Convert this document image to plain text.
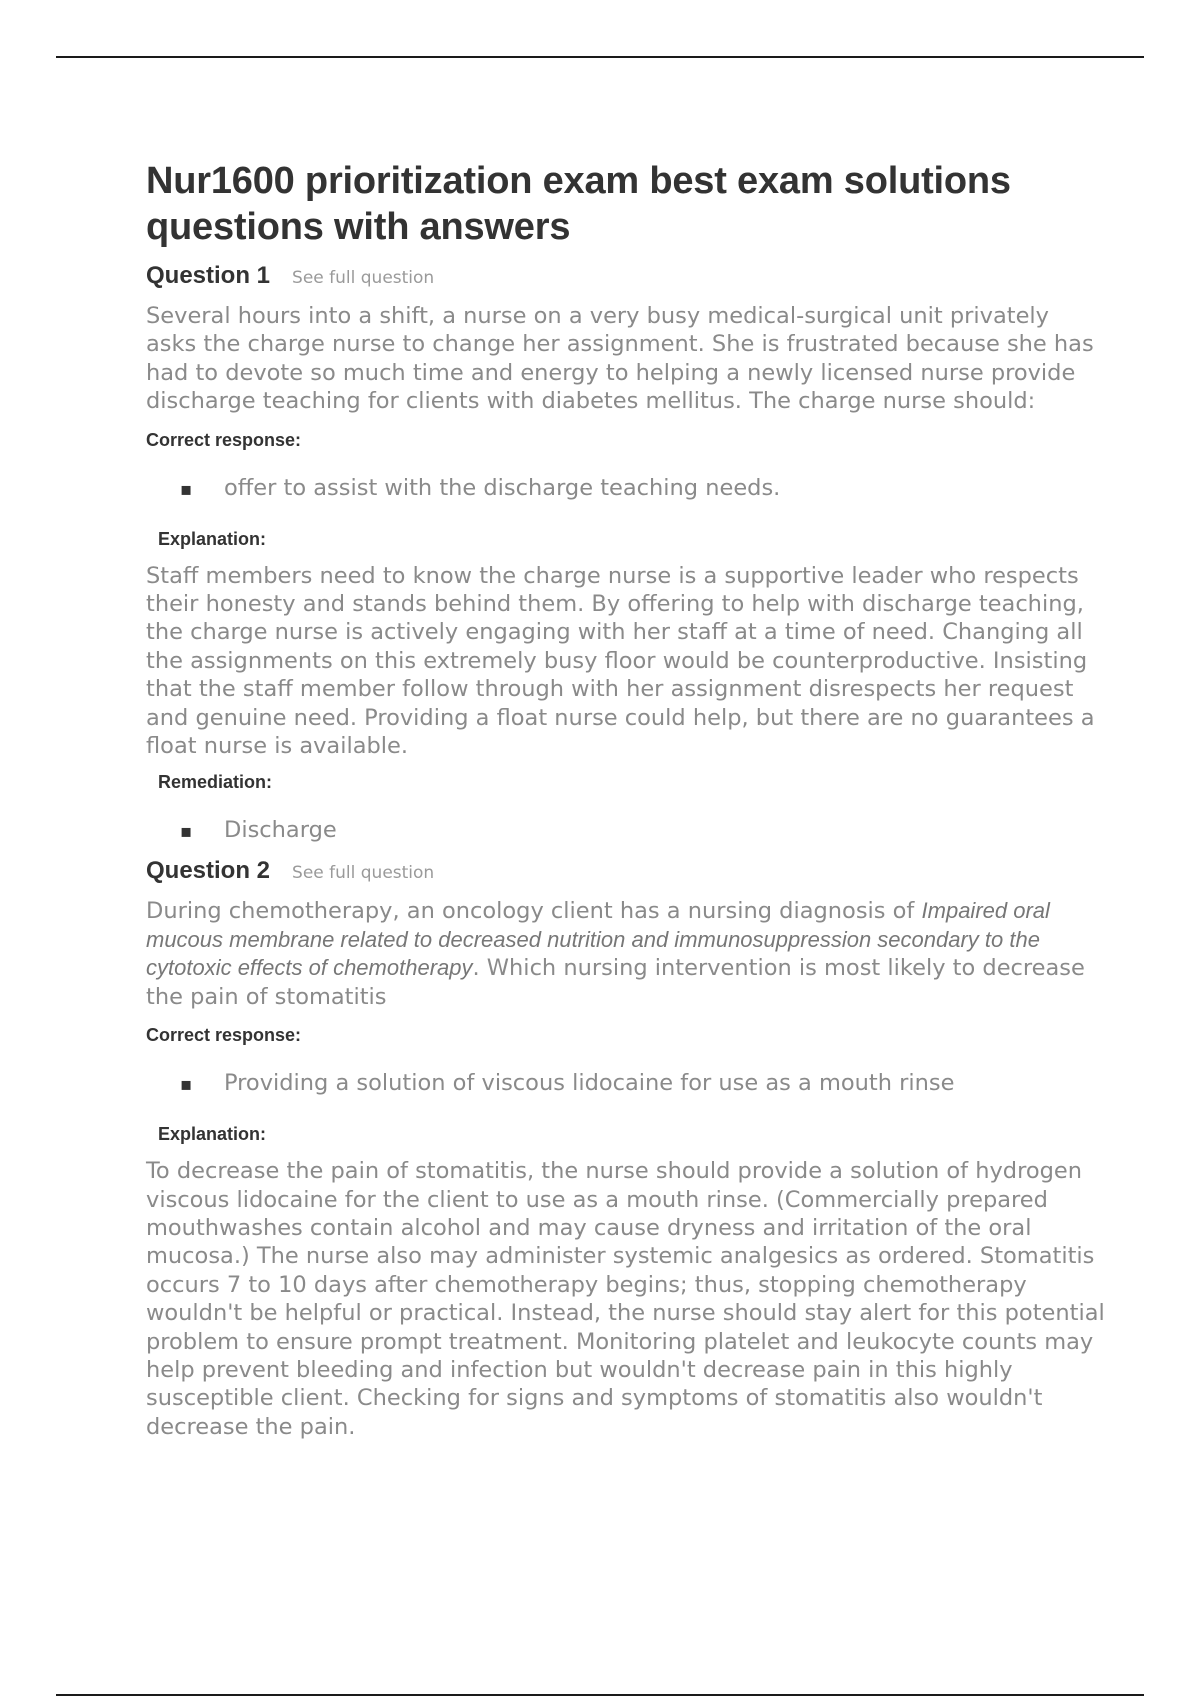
Nur1600 prioritization exam best exam solutions questions with answers
Question 1 See full question
Several hours into a shift, a nurse on a very busy medical-surgical unit privately asks the charge nurse to change her assignment. She is frustrated because she has had to devote so much time and energy to helping a newly licensed nurse provide discharge teaching for clients with diabetes mellitus. The charge nurse should:
Correct response:
▪	offer to assist with the discharge teaching needs.
Explanation:
Staff members need to know the charge nurse is a supportive leader who respects their honesty and stands behind them. By offering to help with discharge teaching, the charge nurse is actively engaging with her staff at a time of need. Changing all the assignments on this extremely busy floor would be counterproductive. Insisting that the staff member follow through with her assignment disrespects her request and genuine need. Providing a float nurse could help, but there are no guarantees a float nurse is available.
Remediation:
▪	Discharge
Question 2 See full question
During chemotherapy, an oncology client has a nursing diagnosis of Impaired oral mucous membrane related to decreased nutrition and immunosuppression secondary to the cytotoxic effects of chemotherapy. Which nursing intervention is most likely to decrease the pain of stomatitis
Correct response:
▪	Providing a solution of viscous lidocaine for use as a mouth rinse
Explanation:
To decrease the pain of stomatitis, the nurse should provide a solution of hydrogen viscous lidocaine for the client to use as a mouth rinse. (Commercially prepared mouthwashes contain alcohol and may cause dryness and irritation of the oral mucosa.) The nurse also may administer systemic analgesics as ordered. Stomatitis occurs 7 to 10 days after chemotherapy begins; thus, stopping chemotherapy wouldn't be helpful or practical. Instead, the nurse should stay alert for this potential problem to ensure prompt treatment. Monitoring platelet and leukocyte counts may help prevent bleeding and infection but wouldn't decrease pain in this highly susceptible client. Checking for signs and symptoms of stomatitis also wouldn't decrease the pain.
